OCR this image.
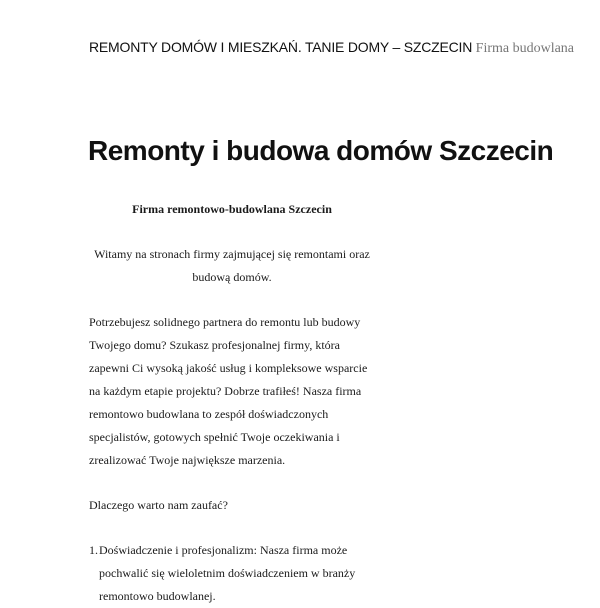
REMONTY DOMÓW I MIESZKAŃ. TANIE DOMY – SZCZECIN Firma budowlana
Remonty i budowa domów Szczecin

Firma remontowo-budowlana Szczecin

Witamy na stronach firmy zajmującej się remontami oraz budową domów.

Potrzebujesz solidnego partnera do remontu lub budowy Twojego domu? Szukasz profesjonalnej firmy, która zapewni Ci wysoką jakość usług i kompleksowe wsparcie na każdym etapie projektu? Dobrze trafiłeś! Nasza firma remontowo budowlana to zespół doświadczonych specjalistów, gotowych spełnić Twoje oczekiwania i zrealizować Twoje największe marzenia.

Dlaczego warto nam zaufać?

1. Doświadczenie i profesjonalizm: Nasza firma może pochwalić się wieloletnim doświadczeniem w branży remontowo budowlanej.
